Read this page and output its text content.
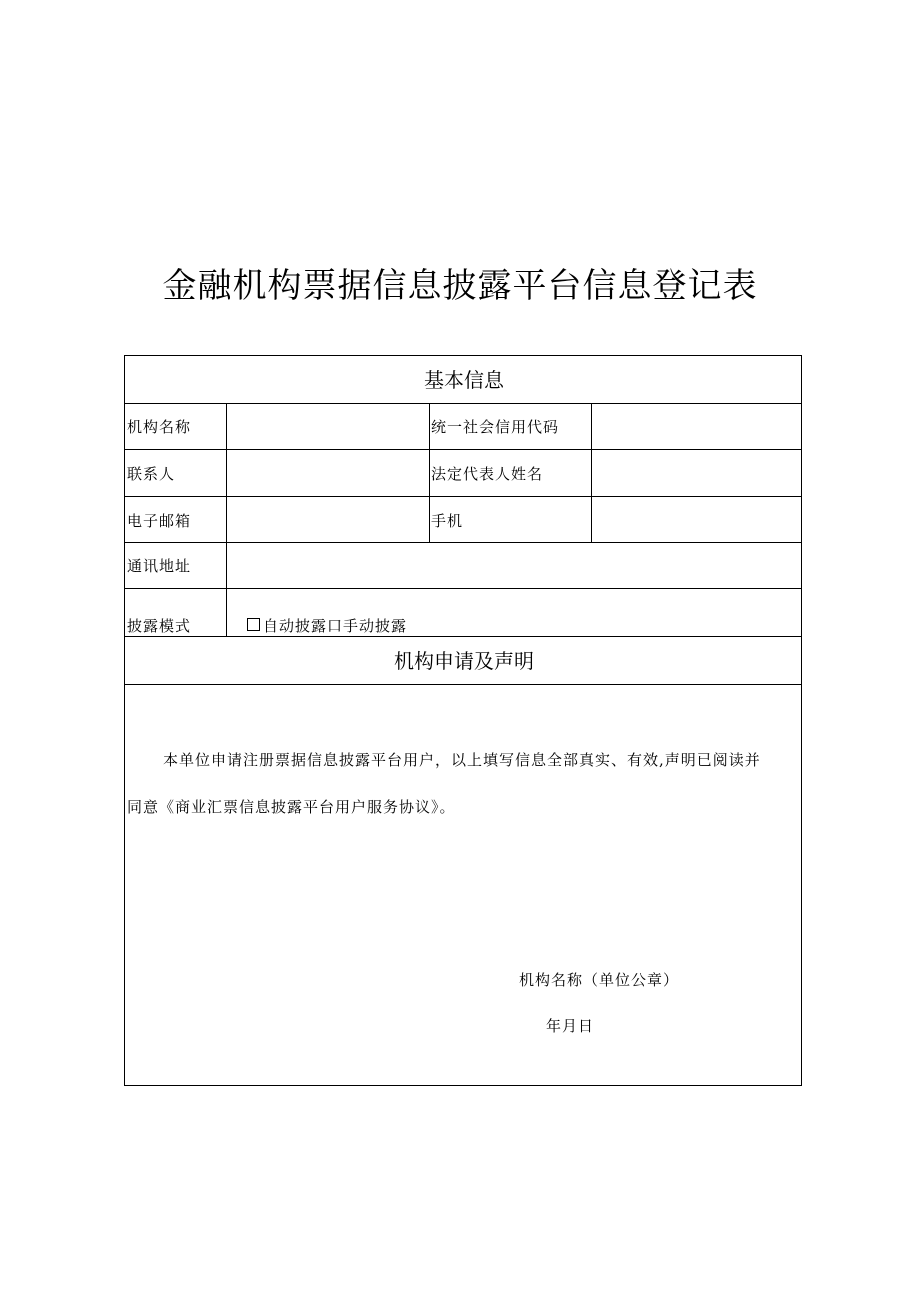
金融机构票据信息披露平台信息登记表
基本信息
机构名称	统一社会信用代码
联系人	法定代表人姓名
电子邮箱	手机
通讯地址
披露模式	自动披露口手动披露
机构申请及声明
本单位申请注册票据信息披露平台用户，以上填写信息全部真实、有效,声明已阅读并
同意《商业汇票信息披露平台用户服务协议》。
机构名称（单位公章）
年月日
